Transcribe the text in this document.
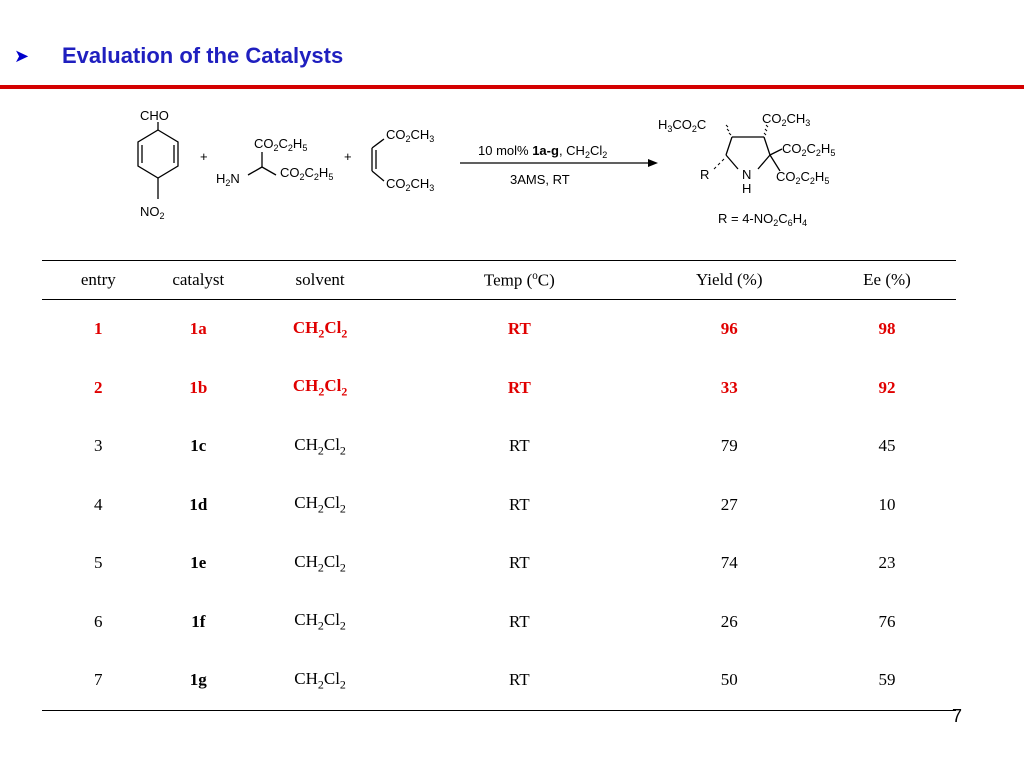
➤ Evaluation of the Catalysts
CHO
$NO_2$
+
$CO_2C_2H_5$
$H_2N$	$CO_2C_2H_5$
+
$CO_2CH_3$
$CO_2CH_3$
10 mol% 1a-g, $CH_2Cl_2$
3AMS, RT
$H_3CO_2C$	$CO_2CH_3$
$CO_2C_2H_5$
$CO_2C_2H_5$
R	N
H
$R = 4-NO_2C_6H_4$
entry	catalyst	solvent	Temp ($^o$C)	Yield (%)	Ee (%)
1	1a	$CH_2Cl_2$	RT	96	98
2	1b	$CH_2Cl_2$	RT	33	92
3	1c	$CH_2Cl_2$	RT	79	45
4	1d	$CH_2Cl_2$	RT	27	10
5	1e	$CH_2Cl_2$	RT	74	23
6	1f	$CH_2Cl_2$	RT	26	76
7	1g	$CH_2Cl_2$	RT	50	59
7
